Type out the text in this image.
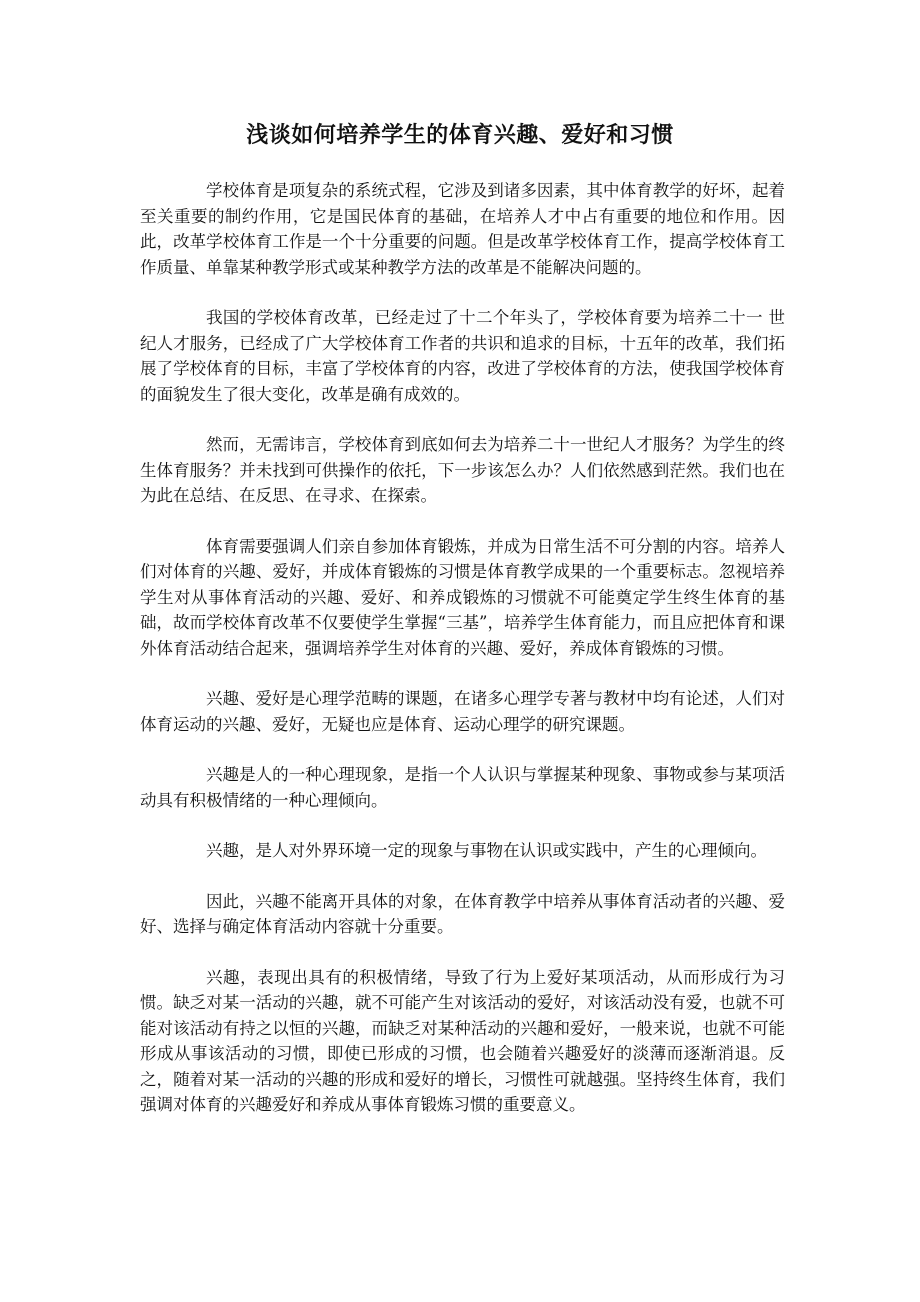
浅谈如何培养学生的体育兴趣、爱好和习惯

学校体育是项复杂的系统式程，它涉及到诸多因素，其中体育教学的好坏，起着至关重要的制约作用，它是国民体育的基础，在培养人才中占有重要的地位和作用。因此，改革学校体育工作是一个十分重要的问题。但是改革学校体育工作，提高学校体育工作质量、单靠某种教学形式或某种教学方法的改革是不能解决问题的。

我国的学校体育改革，已经走过了十二个年头了，学校体育要为培养二十一 世纪人才服务，已经成了广大学校体育工作者的共识和追求的目标，十五年的改革，我们拓展了学校体育的目标，丰富了学校体育的内容，改进了学校体育的方法，使我国学校体育的面貌发生了很大变化，改革是确有成效的。

然而，无需讳言，学校体育到底如何去为培养二十一世纪人才服务？为学生的终生体育服务？并未找到可供操作的依托，下一步该怎么办？人们依然感到茫然。我们也在为此在总结、在反思、在寻求、在探索。

体育需要强调人们亲自参加体育锻炼，并成为日常生活不可分割的内容。培养人们对体育的兴趣、爱好，并成体育锻炼的习惯是体育教学成果的一个重要标志。忽视培养学生对从事体育活动的兴趣、爱好、和养成锻炼的习惯就不可能奠定学生终生体育的基础，故而学校体育改革不仅要使学生掌握“三基”，培养学生体育能力，而且应把体育和课外体育活动结合起来，强调培养学生对体育的兴趣、爱好，养成体育锻炼的习惯。

兴趣、爱好是心理学范畴的课题，在诸多心理学专著与教材中均有论述，人们对体育运动的兴趣、爱好，无疑也应是体育、运动心理学的研究课题。

兴趣是人的一种心理现象，是指一个人认识与掌握某种现象、事物或参与某项活动具有积极情绪的一种心理倾向。

兴趣，是人对外界环境一定的现象与事物在认识或实践中，产生的心理倾向。

因此，兴趣不能离开具体的对象，在体育教学中培养从事体育活动者的兴趣、爱好、选择与确定体育活动内容就十分重要。

兴趣，表现出具有的积极情绪，导致了行为上爱好某项活动，从而形成行为习惯。缺乏对某一活动的兴趣，就不可能产生对该活动的爱好，对该活动没有爱，也就不可能对该活动有持之以恒的兴趣，而缺乏对某种活动的兴趣和爱好，一般来说，也就不可能形成从事该活动的习惯，即使已形成的习惯，也会随着兴趣爱好的淡薄而逐渐消退。反之，随着对某一活动的兴趣的形成和爱好的增长，习惯性可就越强。坚持终生体育，我们强调对体育的兴趣爱好和养成从事体育锻炼习惯的重要意义。
